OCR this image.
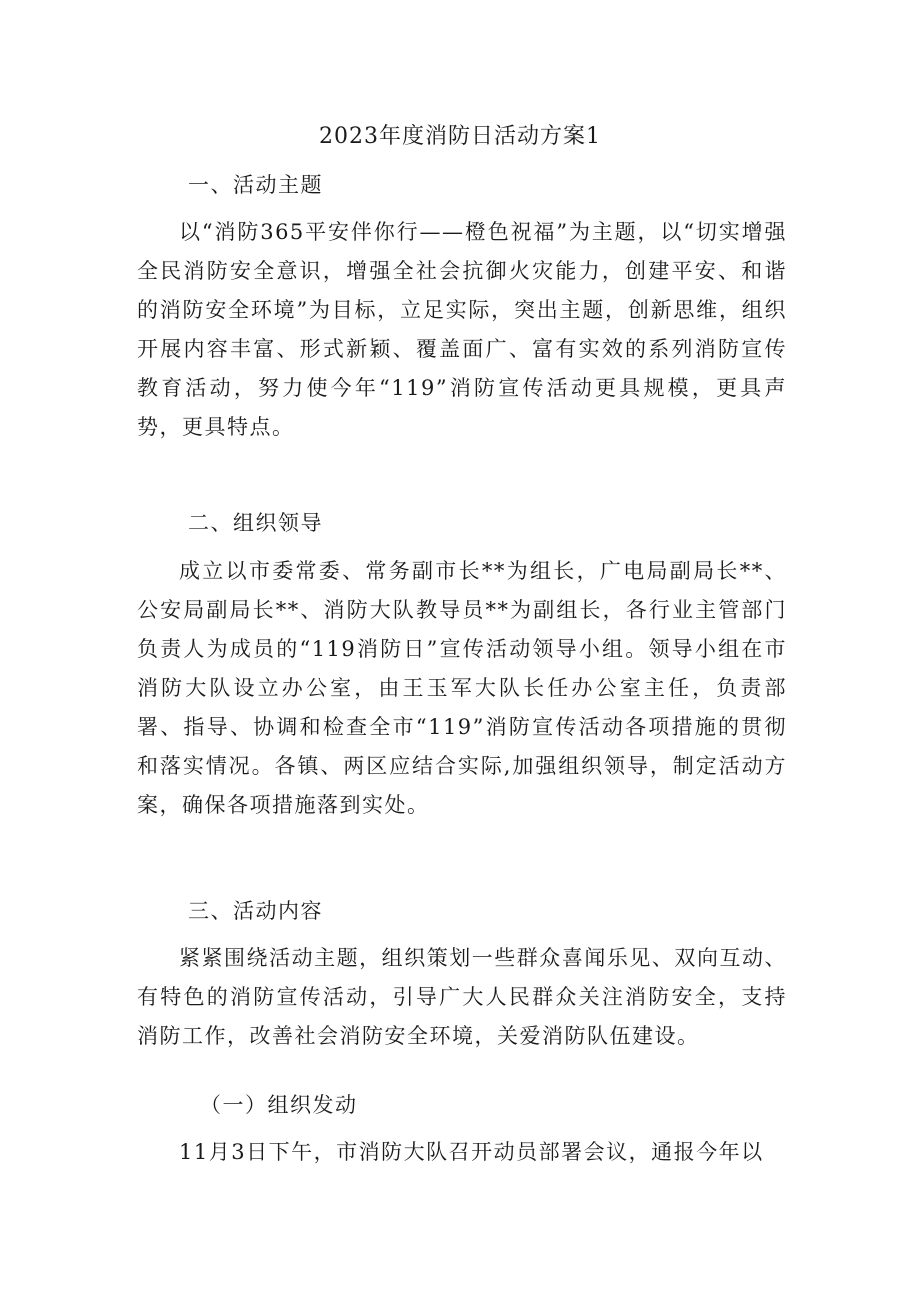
2023年度消防日活动方案1
一、活动主题
以“消防365平安伴你行——橙色祝福”为主题，以“切实增强全民消防安全意识，增强全社会抗御火灾能力，创建平安、和谐的消防安全环境”为目标，立足实际，突出主题，创新思维，组织开展内容丰富、形式新颖、覆盖面广、富有实效的系列消防宣传教育活动，努力使今年“119”消防宣传活动更具规模，更具声势，更具特点。
二、组织领导
成立以市委常委、常务副市长**为组长，广电局副局长**、公安局副局长**、消防大队教导员**为副组长，各行业主管部门负责人为成员的“119消防日”宣传活动领导小组。领导小组在市消防大队设立办公室，由王玉军大队长任办公室主任，负责部署、指导、协调和检查全市“119”消防宣传活动各项措施的贯彻和落实情况。各镇、两区应结合实际,加强组织领导，制定活动方案，确保各项措施落到实处。
三、活动内容
紧紧围绕活动主题，组织策划一些群众喜闻乐见、双向互动、有特色的消防宣传活动，引导广大人民群众关注消防安全，支持消防工作，改善社会消防安全环境，关爱消防队伍建设。
（一）组织发动
11月3日下午，市消防大队召开动员部署会议，通报今年以
